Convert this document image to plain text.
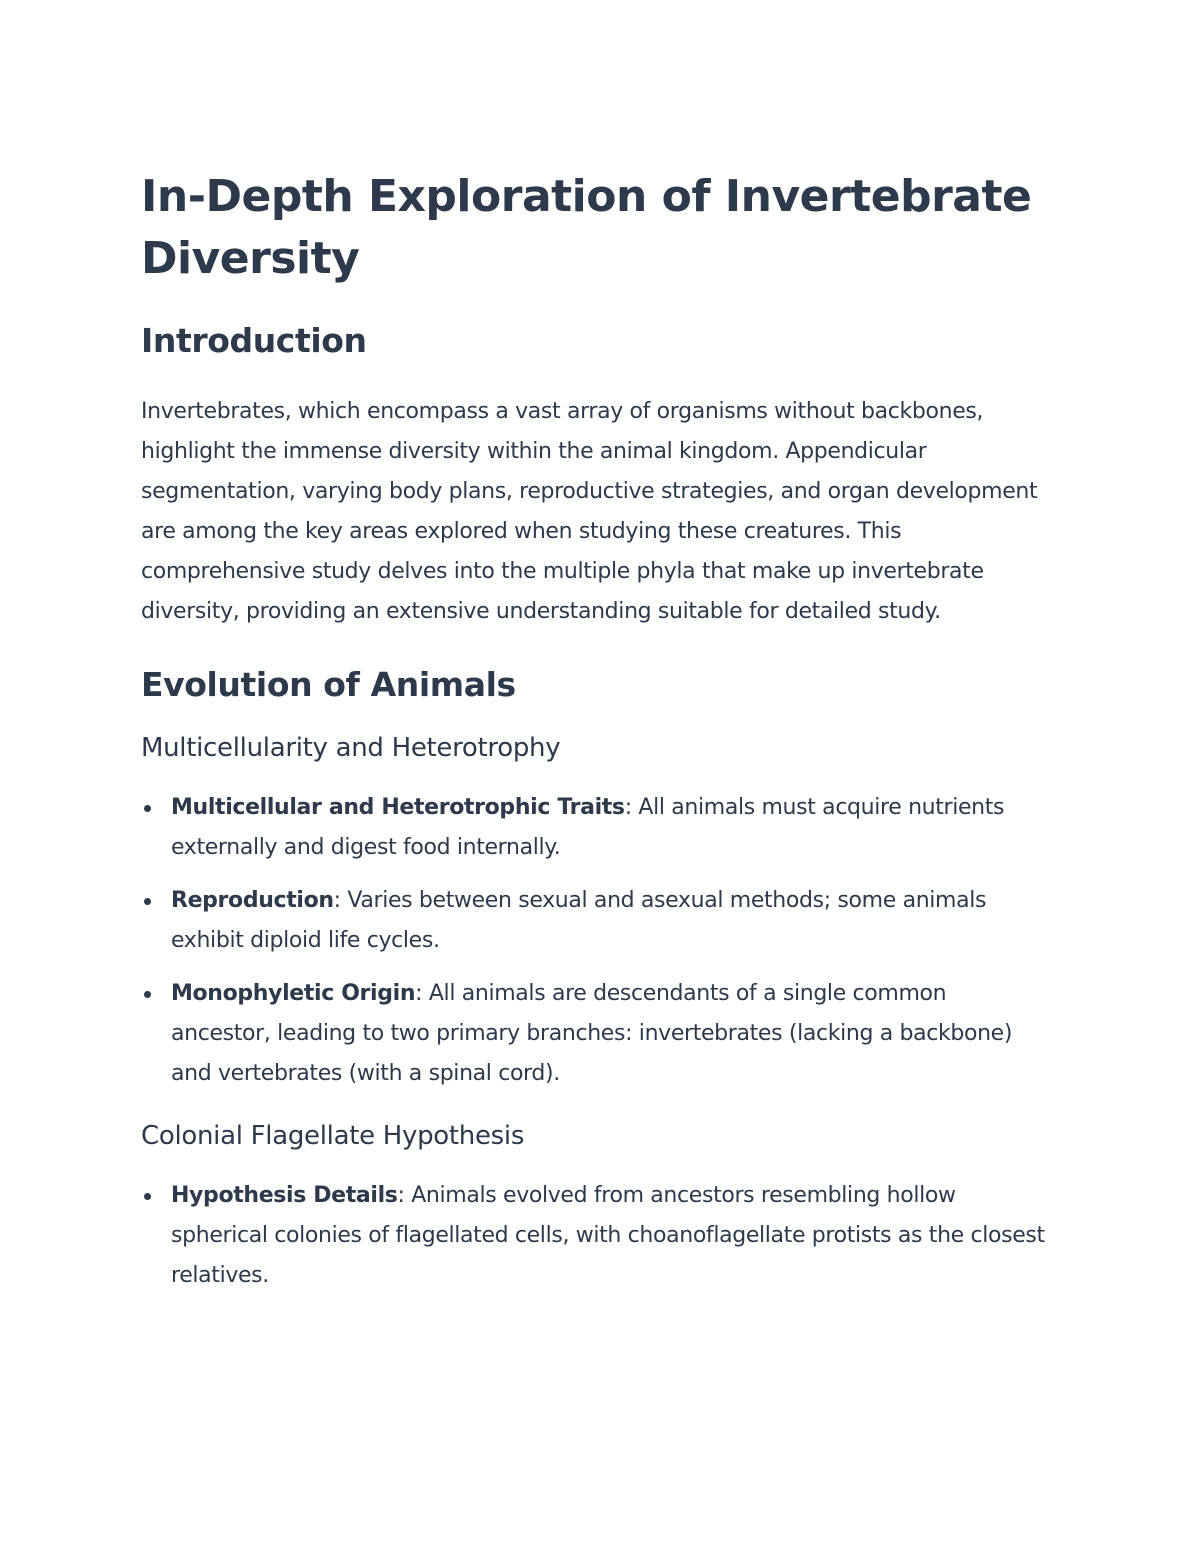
In-Depth Exploration of Invertebrate Diversity
Introduction

Invertebrates, which encompass a vast array of organisms without backbones, highlight the immense diversity within the animal kingdom. Appendicular segmentation, varying body plans, reproductive strategies, and organ development are among the key areas explored when studying these creatures. This comprehensive study delves into the multiple phyla that make up invertebrate diversity, providing an extensive understanding suitable for detailed study.

Evolution of Animals
Multicellularity and Heterotrophy
Multicellular and Heterotrophic Traits: All animals must acquire nutrients externally and digest food internally.
Reproduction: Varies between sexual and asexual methods; some animals exhibit diploid life cycles.
Monophyletic Origin: All animals are descendants of a single common ancestor, leading to two primary branches: invertebrates (lacking a backbone) and vertebrates (with a spinal cord).
Colonial Flagellate Hypothesis
Hypothesis Details: Animals evolved from ancestors resembling hollow spherical colonies of flagellated cells, with choanoflagellate protists as the closest relatives.
